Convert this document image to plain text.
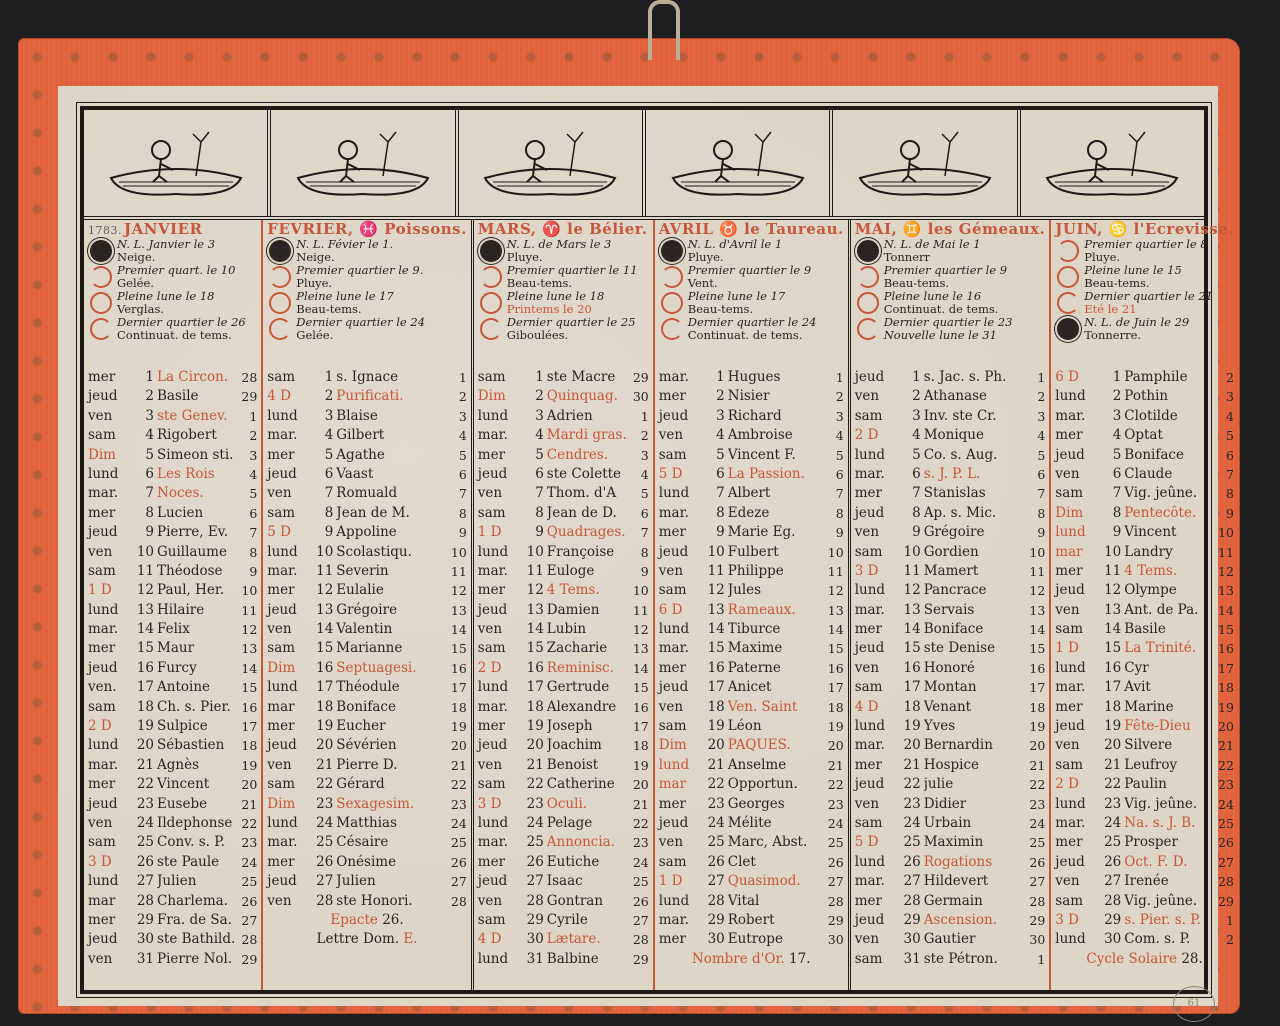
1783. JANVIER
N. L. Janvier le 3
Neige.
Premier quart. le 10
Gelée.
Pleine lune le 18
Verglas.
Dernier quartier le 26
Continuat. de tems.
mer	1 La Circon.	28
jeud	2 Basile	29
ven	3 ste Genev.	1
sam	4 Rigobert	2
Dim	5 Simeon sti.	3
lund	6 Les Rois	4
mar.	7 Noces.	5
mer	8 Lucien	6
jeud	9 Pierre, Ev.	7
ven	10 Guillaume	8
sam	11 Théodose	9
1 D	12 Paul, Her.	10
lund	13 Hilaire	11
mar.	14 Felix	12
mer	15 Maur	13
jeud	16 Furcy	14
ven.	17 Antoine	15
sam	18 Ch. s. Pier. 16
2 D	19 Sulpice	17
lund	20 Sébastien	18
mar.	21 Agnès	19
mer	22 Vincent	20
jeud	23 Eusebe	21
ven	24 Ildephonse 22
sam	25 Conv. s. P.	23
3 D	26 ste Paule	24
lund	27 Julien	25
mar	28 Charlema.	26
mer	29 Fra. de Sa. 27
jeud	30 ste Bathild. 28
ven	31 Pierre Nol. 29
FEVRIER, ♓ Poissons.
N. L. Févier le 1.
Neige.
Premier quartier le 9.
Pluye.
Pleine lune le 17
Beau-tems.
Dernier quartier le 24
Gelée.
sam	1 s. Ignace	1
4 D	2 Purificati.	2
lund	3 Blaise	3
mar.	4 Gilbert	4
mer	5 Agathe	5
jeud	6 Vaast	6
ven	7 Romuald	7
sam	8 Jean de M.	8
5 D	9 Appoline	9
lund	10 Scolastiqu.	10
mar.	11 Severin	11
mer	12 Eulalie	12
jeud	13 Grégoire	13
ven	14 Valentin	14
sam	15 Marianne	15
Dim	16 Septuagesi.	16
lund	17 Théodule	17
mar	18 Boniface	18
mer	19 Eucher	19
jeud	20 Sévérien	20
ven	21 Pierre D.	21
sam	22 Gérard	22
Dim	23 Sexagesim.	23
lund	24 Matthias	24
mar.	25 Césaire	25
mer	26 Onésime	26
jeud	27 Julien	27
ven	28 ste Honori.	28
Epacte 26.
Lettre Dom. E.
MARS, ♈ le Bélier.
N. L. de Mars le 3
Pluye.
Premier quartier le 11
Beau-tems.
Pleine lune le 18
Printems le 20
Dernier quartier le 25
Giboulées.
sam	1 ste Macre	29
Dim	2 Quinquag.	30
lund	3 Adrien	1
mar.	4 Mardi gras.	2
mer	5 Cendres.	3
jeud	6 ste Colette	4
ven	7 Thom. d'A	5
sam	8 Jean de D.	6
1 D	9 Quadrages.	7
lund	10 Françoise	8
mar.	11 Euloge	9
mer	12 4 Tems.	10
jeud	13 Damien	11
ven	14 Lubin	12
sam	15 Zacharie	13
2 D	16 Reminisc.	14
lund	17 Gertrude	15
mar.	18 Alexandre	16
mer	19 Joseph	17
jeud	20 Joachim	18
ven	21 Benoist	19
sam	22 Catherine	20
3 D	23 Oculi.	21
lund	24 Pelage	22
mar.	25 Annoncia.	23
mer	26 Eutiche	24
jeud	27 Isaac	25
ven	28 Gontran	26
sam	29 Cyrile	27
4 D	30 Lætare.	28
lund	31 Balbine	29
AVRIL ♉ le Taureau.
N. L. d'Avril le 1
Pluye.
Premier quartier le 9
Vent.
Pleine lune le 17
Beau-tems.
Dernier quartier le 24
Continuat. de tems.
mar.	1 Hugues	1
mer	2 Nisier	2
jeud	3 Richard	3
ven	4 Ambroise	4
sam	5 Vincent F.	5
5 D	6 La Passion.	6
lund	7 Albert	7
mar.	8 Edeze	8
mer	9 Marie Eg.	9
jeud	10 Fulbert	10
ven	11 Philippe	11
sam	12 Jules	12
6 D	13 Rameaux.	13
lund	14 Tiburce	14
mar.	15 Maxime	15
mer	16 Paterne	16
jeud	17 Anicet	17
ven	18 Ven. Saint	18
sam	19 Léon	19
Dim	20 PAQUES.	20
lund	21 Anselme	21
mar	22 Opportun.	22
mer	23 Georges	23
jeud	24 Mélite	24
ven	25 Marc, Abst.	25
sam	26 Clet	26
1 D	27 Quasimod.	27
lund	28 Vital	28
mar.	29 Robert	29
mer	30 Eutrope	30
Nombre d'Or. 17.
MAI, ♊ les Gémeaux.
N. L. de Mai le 1
Tonnerr
Premier quartier le 9
Beau-tems.
Pleine lune le 16
Continuat. de tems.
Dernier quartier le 23
Nouvelle lune le 31
jeud	1 s. Jac. s. Ph.	1
ven	2 Athanase	2
sam	3 Inv. ste Cr.	3
2 D	4 Monique	4
lund	5 Co. s. Aug.	5
mar.	6 s. J. P. L.	6
mer	7 Stanislas	7
jeud	8 Ap. s. Mic.	8
ven	9 Grégoire	9
sam	10 Gordien	10
3 D	11 Mamert	11
lund	12 Pancrace	12
mar.	13 Servais	13
mer	14 Boniface	14
jeud	15 ste Denise	15
ven	16 Honoré	16
sam	17 Montan	17
4 D	18 Venant	18
lund	19 Yves	19
mar.	20 Bernardin	20
mer	21 Hospice	21
jeud	22 julie	22
ven	23 Didier	23
sam	24 Urbain	24
5 D	25 Maximin	25
lund	26 Rogations	26
mar.	27 Hildevert	27
mer	28 Germain	28
jeud	29 Ascension.	29
ven	30 Gautier	30
sam	31 ste Pétron.	1
JUIN, ♋ l'Ecrevisse.
Premier quartier le 8
Pluye.
Pleine lune le 15
Beau-tems.
Dernier quartier le 21
Eté le 21
N. L. de Juin le 29
Tonnerre.
6 D	1 Pamphile	2
lund	2 Pothin	3
mar.	3 Clotilde	4
mer	4 Optat	5
jeud	5 Boniface	6
ven	6 Claude	7
sam	7 Vig. jeûne.	8
Dim	8 Pentecôte.	9
lund	9 Vincent	10
mar	10 Landry	11
mer	11 4 Tems.	12
jeud	12 Olympe	13
ven	13 Ant. de Pa.	14
sam	14 Basile	15
1 D	15 La Trinité.	16
lund	16 Cyr	17
mar.	17 Avit	18
mer	18 Marine	19
jeud	19 Fête-Dieu	20
ven	20 Silvere	21
sam	21 Leufroy	22
2 D	22 Paulin	23
lund	23 Vig. jeûne.	24
mar.	24 Na. s. J. B.	25
mer	25 Prosper	26
jeud	26 Oct. F. D.	27
ven	27 Irenée	28
sam	28 Vig. jeûne.	29
3 D	29 s. Pier. s. P.	1
lund	30 Com. s. P.	2
Cycle Solaire 28.
61
